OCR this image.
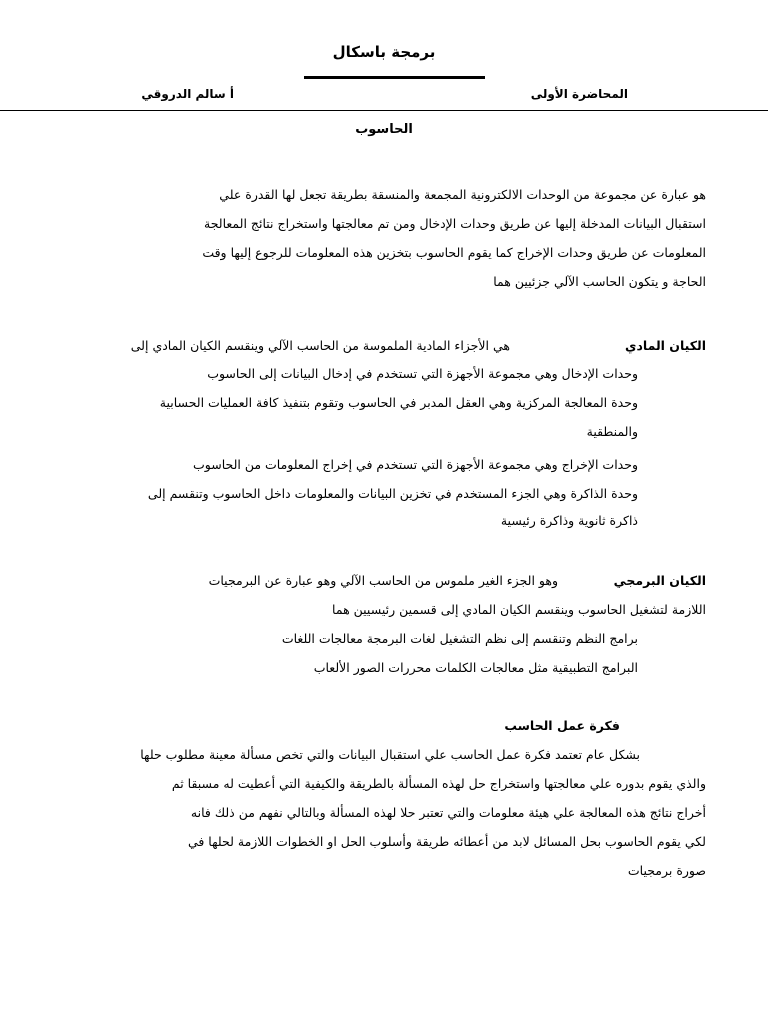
برمجة باسكال
المحاضرة الأولى
أ سالم الدروقي
الحاسوب
هو عبارة عن مجموعة من الوحدات الالكترونية المجمعة والمنسقة بطريقة تجعل لها القدرة علي
استقبال البيانات المدخلة إليها عن طريق وحدات الإدخال ومن تم معالجتها واستخراج نتائج المعالجة
المعلومات عن طريق وحدات الإخراج كما يقوم الحاسوب بتخزين هذه المعلومات للرجوع إليها وقت
الحاجة و يتكون الحاسب الآلي جزئيين هما
الكيان المادي
هي الأجزاء المادية الملموسة من الحاسب الآلي وينقسم الكيان المادي إلى
وحدات الإدخال وهي مجموعة الأجهزة التي تستخدم في إدخال البيانات إلى الحاسوب
وحدة المعالجة المركزية وهي العقل المدبر في الحاسوب وتقوم بتنفيذ كافة العمليات الحسابية
والمنطقية
وحدات الإخراج وهي مجموعة الأجهزة التي تستخدم في إخراج المعلومات من الحاسوب
وحدة الذاكرة وهي الجزء المستخدم في تخزين البيانات والمعلومات داخل الحاسوب وتنقسم إلى
ذاكرة ثانوية وذاكرة رئيسية
الكيان البرمجي
وهو الجزء الغير ملموس من الحاسب الآلي وهو عبارة عن البرمجيات
اللازمة لتشغيل الحاسوب وينقسم الكيان المادي إلى قسمين رئيسيين هما
برامج النظم وتنقسم إلى نظم التشغيل لغات البرمجة معالجات اللغات
البرامج التطبيقية مثل معالجات الكلمات محررات الصور الألعاب
فكرة عمل الحاسب
بشكل عام تعتمد فكرة عمل الحاسب علي استقبال البيانات والتي تخص مسألة معينة مطلوب حلها
والذي يقوم بدوره علي معالجتها واستخراج حل لهذه المسألة بالطريقة والكيفية التي أعطيت له مسبقا ثم
أخراج نتائج هذه المعالجة علي هيئة معلومات والتي تعتبر حلا لهذه المسألة وبالتالي نفهم من ذلك فانه
لكي يقوم الحاسوب بحل المسائل لابد من أعطائه طريقة وأسلوب الحل او الخطوات اللازمة لحلها في
صورة برمجيات
